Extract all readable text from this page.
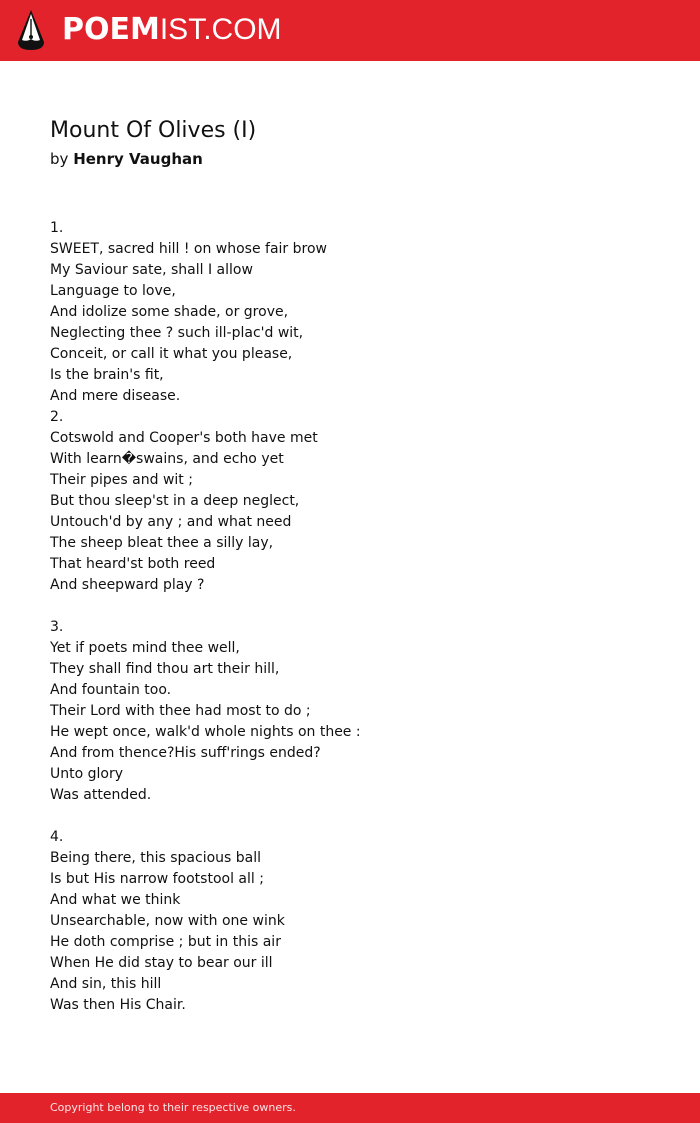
POEMIST.COM
Mount Of Olives (I)
by Henry Vaughan
1.
SWEET, sacred hill ! on whose fair brow
My Saviour sate, shall I allow
Language to love,
And idolize some shade, or grove,
Neglecting thee ? such ill-plac'd wit,
Conceit, or call it what you please,
Is the brain's fit,
And mere disease.
2.
Cotswold and Cooper's both have met
With learn�swains, and echo yet
Their pipes and wit ;
But thou sleep'st in a deep neglect,
Untouch'd by any ; and what need
The sheep bleat thee a silly lay,
That heard'st both reed
And sheepward play ?

3.
Yet if poets mind thee well,
They shall find thou art their hill,
And fountain too.
Their Lord with thee had most to do ;
He wept once, walk'd whole nights on thee :
And from thence?His suff'rings ended?
Unto glory
Was attended.

4.
Being there, this spacious ball
Is but His narrow footstool all ;
And what we think
Unsearchable, now with one wink
He doth comprise ; but in this air
When He did stay to bear our ill
And sin, this hill
Was then His Chair.
Copyright belong to their respective owners.
